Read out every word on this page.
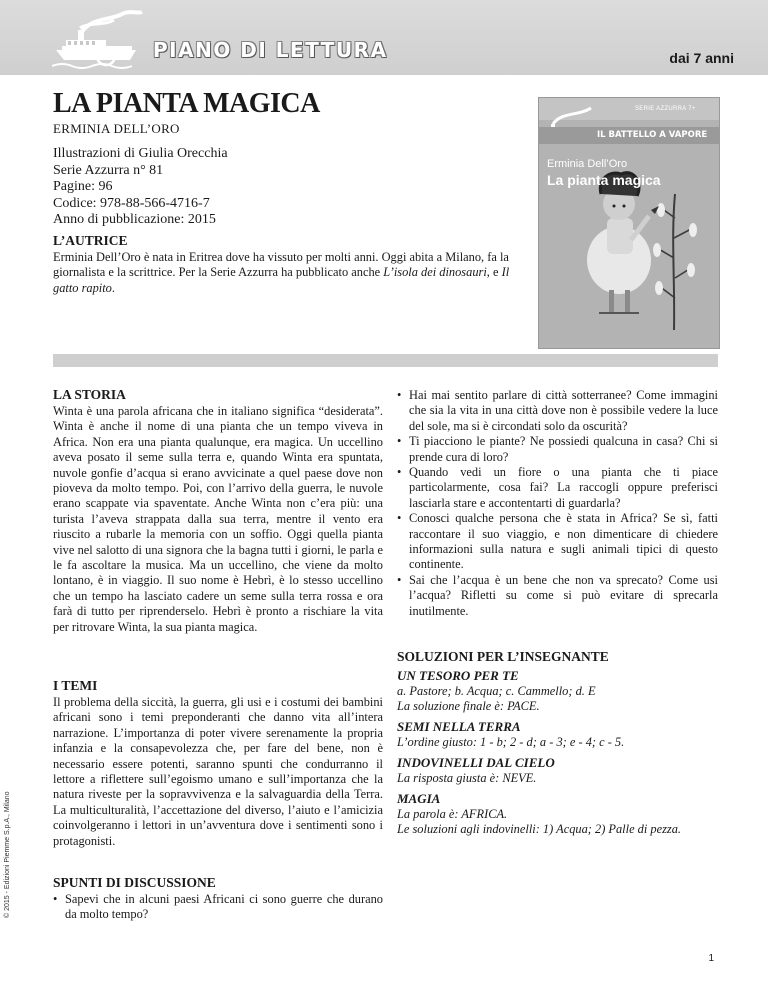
PIANO DI LETTURA	dai 7 anni
LA PIANTA MAGICA
ERMINIA DELL’ORO
Illustrazioni di Giulia Orecchia
Serie Azzurra n° 81
Pagine: 96
Codice: 978-88-566-4716-7
Anno di pubblicazione: 2015
SERIE AZZURRA 7+
IL BATTELLO A VAPORE
Erminia Dell’Oro
La pianta magica
L’AUTRICE
Erminia Dell’Oro è nata in Eritrea dove ha vissuto per molti anni. Oggi abita a Milano, fa la giornalista e la scrittrice. Per la Serie Azzurra ha pubblicato anche L’isola dei dinosauri, e Il gatto rapito.
LA STORIA

Winta è una parola africana che in italiano significa “desiderata”. Winta è anche il nome di una pianta che un tempo viveva in Africa. Non era una pianta qualunque, era magica. Un uccellino aveva posato il seme sulla terra e, quando Winta era spuntata, nuvole gonfie d’acqua si erano avvicinate a quel paese dove non pioveva da molto tempo. Poi, con l’arrivo della guerra, le nuvole erano scappate via spaventate. Anche Winta non c’era più: una turista l’aveva strappata dalla sua terra, mentre il vento era riuscito a rubarle la memoria con un soffio. Oggi quella pianta vive nel salotto di una signora che la bagna tutti i giorni, le parla e le fa ascoltare la musica. Ma un uccellino, che viene da molto lontano, è in viaggio. Il suo nome è Hebrì, è lo stesso uccellino che un tempo ha lasciato cadere un seme sulla terra rossa e ora farà di tutto per riprenderselo. Hebrì è pronto a rischiare la vita per ritrovare Winta, la sua pianta magica.

I TEMI

Il problema della siccità, la guerra, gli usi e i costumi dei bambini africani sono i temi preponderanti che danno vita all’intera narrazione. L’importanza di poter vivere serenamente la propria infanzia e la consapevolezza che, per fare del bene, non è necessario essere potenti, saranno spunti che condurranno il lettore a riflettere sull’egoismo umano e sull’importanza che la natura riveste per la sopravvivenza e la salvaguardia della Terra. La multiculturalità, l’accettazione del diverso, l’aiuto e l’amicizia coinvolgeranno i lettori in un’avventura dove i sentimenti sono i protagonisti.

SPUNTI DI DISCUSSIONE
• Sapevi che in alcuni paesi Africani ci sono guerre che durano da molto tempo?
• Hai mai sentito parlare di città sotterranee? Come immagini che sia la vita in una città dove non è possibile vedere la luce del sole, ma si è circondati solo da oscurità?
• Ti piacciono le piante? Ne possiedi qualcuna in casa? Chi si prende cura di loro?
• Quando vedi un fiore o una pianta che ti piace particolarmente, cosa fai? La raccogli oppure preferisci lasciarla stare e accontentarti di guardarla?
• Conosci qualche persona che è stata in Africa? Se sì, fatti raccontare il suo viaggio, e non dimenticare di chiedere informazioni sulla natura e sugli animali tipici di questo continente.
• Sai che l’acqua è un bene che non va sprecato? Come usi l’acqua? Rifletti su come si può evitare di sprecarla inutilmente.
SOLUZIONI PER L’INSEGNANTE
UN TESORO PER TE
a. Pastore; b. Acqua; c. Cammello; d. E
La soluzione finale è: PACE.
SEMI NELLA TERRA
L’ordine giusto: 1 - b; 2 - d; a - 3; e - 4; c - 5.
INDOVINELLI DAL CIELO
La risposta giusta è: NEVE.
MAGIA
La parola è: AFRICA.
Le soluzioni agli indovinelli: 1) Acqua; 2) Palle di pezza.
© 2015 - Edizioni Piemme S.p.A., Milano
1
